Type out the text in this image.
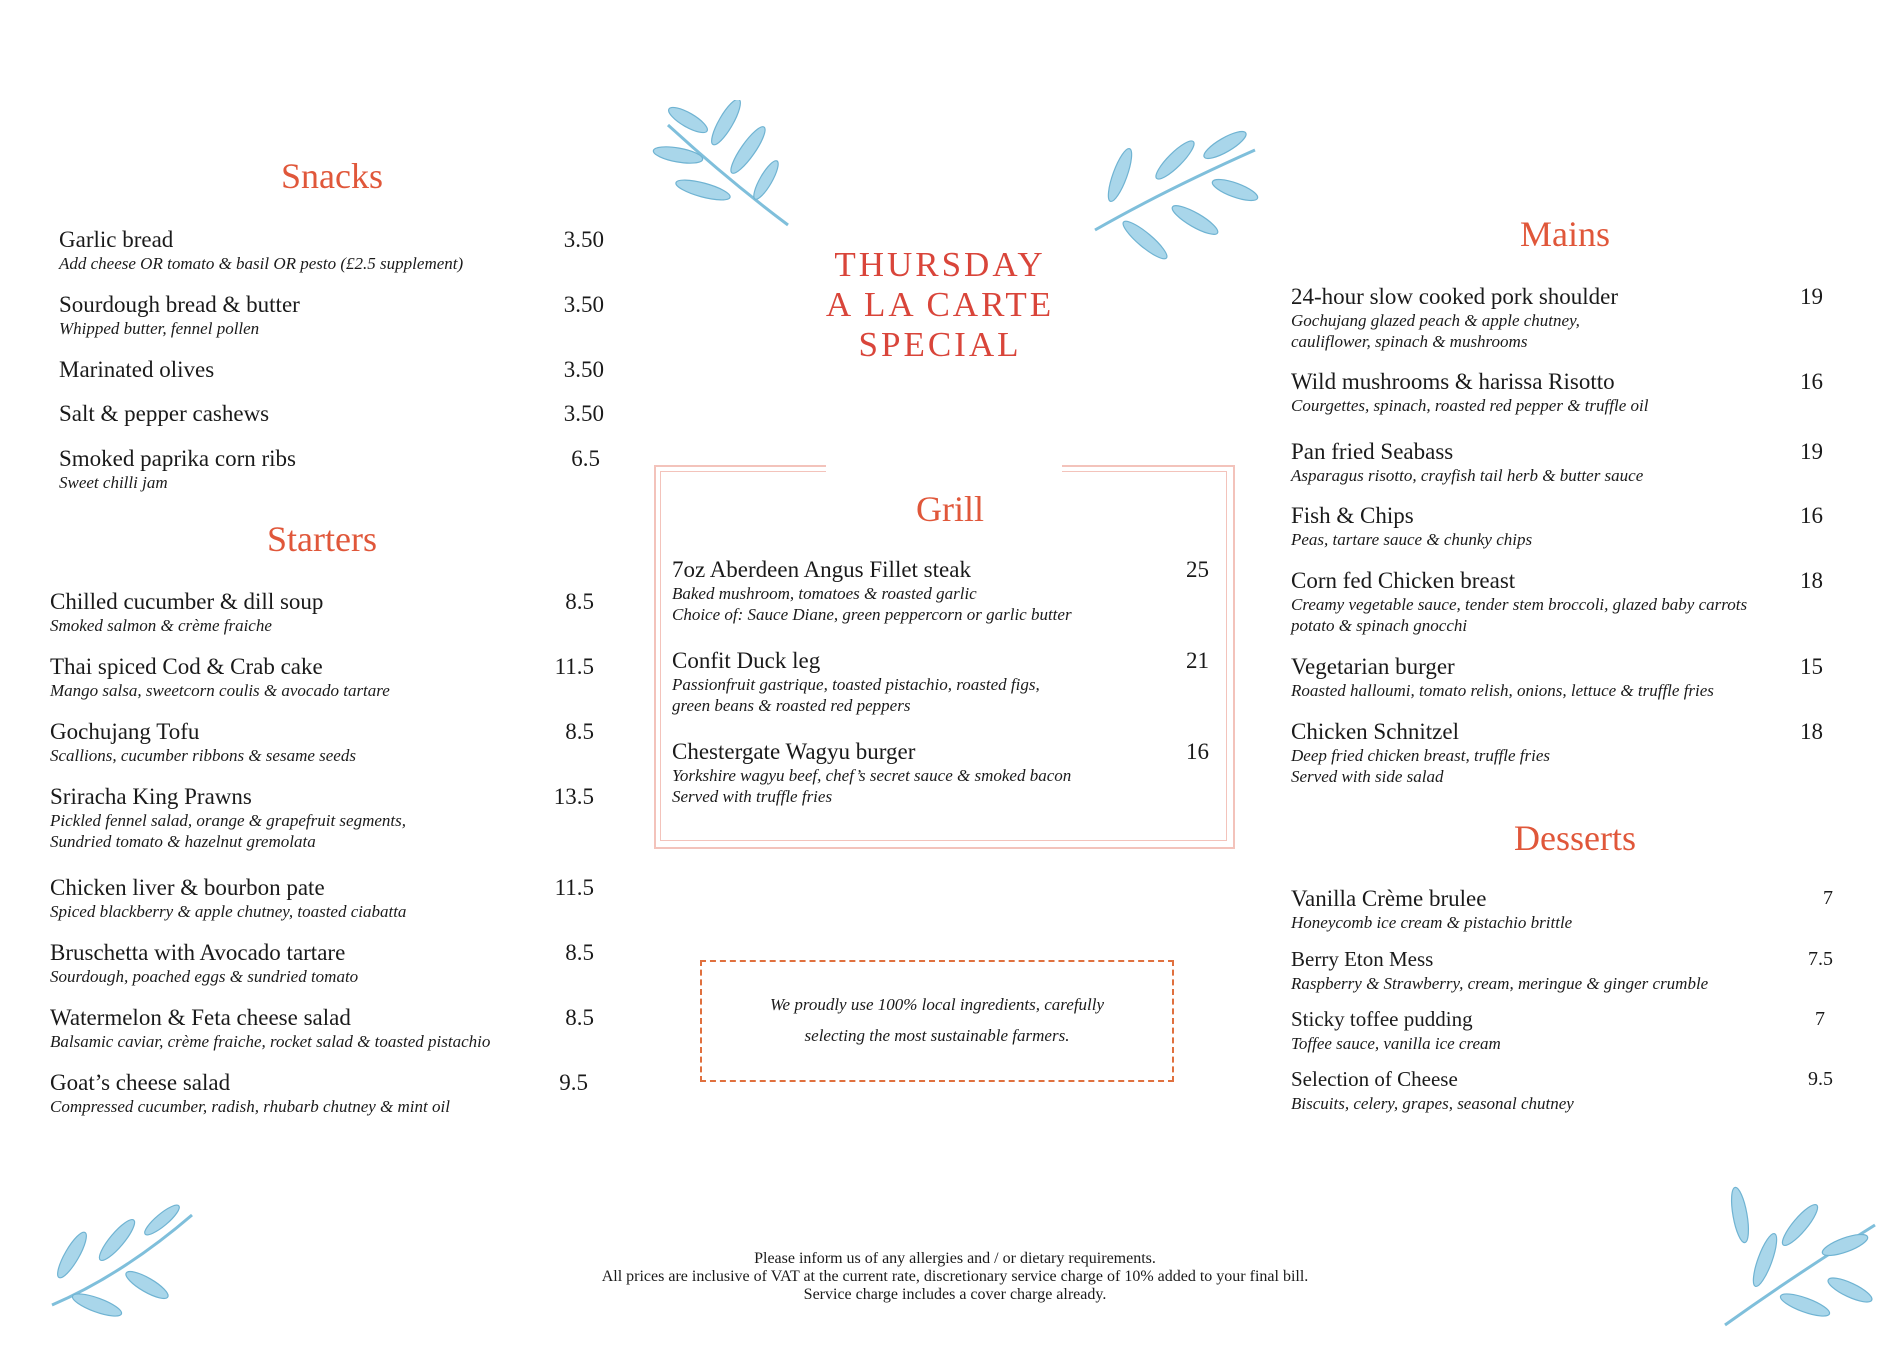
THURSDAY
A LA CARTE
SPECIAL
Snacks
Garlic bread
Add cheese OR tomato & basil OR pesto (£2.5 supplement)
3.50
Sourdough bread & butter
Whipped butter, fennel pollen
3.50
Marinated olives	3.50
Salt & pepper cashews	3.50
Smoked paprika corn ribs
Sweet chilli jam
6.5
Starters
Chilled cucumber & dill soup
Smoked salmon & crème fraiche
8.5
Thai spiced Cod & Crab cake
Mango salsa, sweetcorn coulis & avocado tartare
11.5
Gochujang Tofu
Scallions, cucumber ribbons & sesame seeds
8.5
Sriracha King Prawns
Pickled fennel salad, orange & grapefruit segments,
Sundried tomato & hazelnut gremolata
13.5
Chicken liver & bourbon pate
Spiced blackberry & apple chutney, toasted ciabatta
11.5
Bruschetta with Avocado tartare
Sourdough, poached eggs & sundried tomato
8.5
Watermelon & Feta cheese salad
Balsamic caviar, crème fraiche, rocket salad & toasted pistachio
8.5
Goat’s cheese salad
Compressed cucumber, radish, rhubarb chutney & mint oil
9.5
Grill
7oz Aberdeen Angus Fillet steak
Baked mushroom, tomatoes & roasted garlic
Choice of: Sauce Diane, green peppercorn or garlic butter
25
Confit Duck leg
Passionfruit gastrique, toasted pistachio, roasted figs,
green beans & roasted red peppers
21
Chestergate Wagyu burger
Yorkshire wagyu beef, chef’s secret sauce & smoked bacon
Served with truffle fries
16
We proudly use 100% local ingredients, carefully
selecting the most sustainable farmers.
Mains
24-hour slow cooked pork shoulder
Gochujang glazed peach & apple chutney,
cauliflower, spinach & mushrooms
19
Wild mushrooms & harissa Risotto
Courgettes, spinach, roasted red pepper & truffle oil
16
Pan fried Seabass
Asparagus risotto, crayfish tail herb & butter sauce
19
Fish & Chips
Peas, tartare sauce & chunky chips
16
Corn fed Chicken breast
Creamy vegetable sauce, tender stem broccoli, glazed baby carrots
potato & spinach gnocchi
18
Vegetarian burger
Roasted halloumi, tomato relish, onions, lettuce & truffle fries
15
Chicken Schnitzel
Deep fried chicken breast, truffle fries
Served with side salad
18
Desserts
Vanilla Crème brulee
Honeycomb ice cream & pistachio brittle
7
Berry Eton Mess
Raspberry & Strawberry, cream, meringue & ginger crumble
7.5
Sticky toffee pudding
Toffee sauce, vanilla ice cream
7
Selection of Cheese
Biscuits, celery, grapes, seasonal chutney
9.5
Please inform us of any allergies and / or dietary requirements.
All prices are inclusive of VAT at the current rate, discretionary service charge of 10% added to your final bill.
Service charge includes a cover charge already.
